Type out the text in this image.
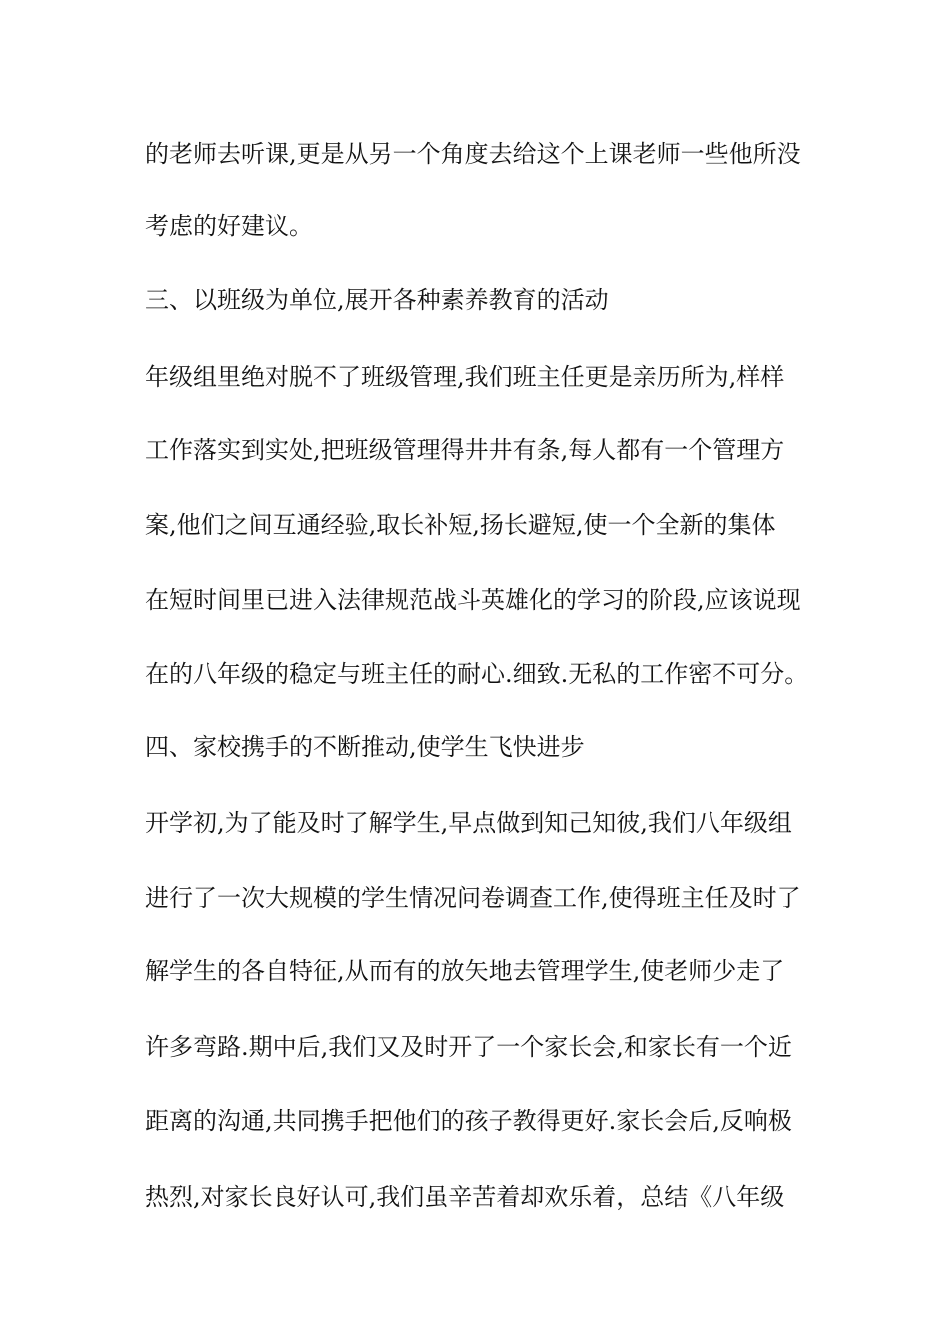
的老师去听课,更是从另一个角度去给这个上课老师一些他所没
考虑的好建议。
三、以班级为单位,展开各种素养教育的活动
年级组里绝对脱不了班级管理,我们班主任更是亲历所为,样样
工作落实到实处,把班级管理得井井有条,每人都有一个管理方
案,他们之间互通经验,取长补短,扬长避短,使一个全新的集体
在短时间里已进入法律规范战斗英雄化的学习的阶段,应该说现
在的八年级的稳定与班主任的耐心.细致.无私的工作密不可分。
四、家校携手的不断推动,使学生飞快进步
开学初,为了能及时了解学生,早点做到知己知彼,我们八年级组
进行了一次大规模的学生情况问卷调查工作,使得班主任及时了
解学生的各自特征,从而有的放矢地去管理学生,使老师少走了
许多弯路.期中后,我们又及时开了一个家长会,和家长有一个近
距离的沟通,共同携手把他们的孩子教得更好.家长会后,反响极
热烈,对家长良好认可,我们虽辛苦着却欢乐着，总结《八年级
